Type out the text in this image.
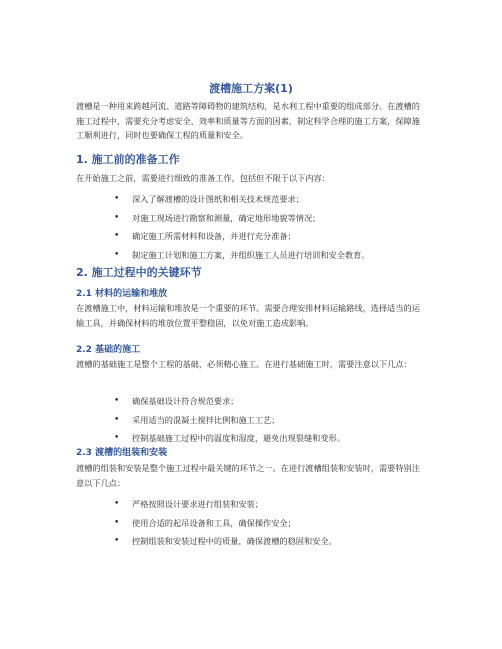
渡槽施工方案(1)

渡槽是一种用来跨越河流、道路等障碍物的建筑结构，是水利工程中重要的组成部分。在渡槽的施工过程中，需要充分考虑安全、效率和质量等方面的因素，制定科学合理的施工方案，保障施工顺利进行，同时也要确保工程的质量和安全。

1. 施工前的准备工作

在开始施工之前，需要进行细致的准备工作，包括但不限于以下内容：

• 深入了解渡槽的设计图纸和相关技术规范要求；
• 对施工现场进行勘察和测量，确定地形地貌等情况；
• 确定施工所需材料和设备，并进行充分准备；
• 制定施工计划和施工方案，并组织施工人员进行培训和安全教育。
2. 施工过程中的关键环节
2.1 材料的运输和堆放

在渡槽施工中，材料运输和堆放是一个重要的环节。需要合理安排材料运输路线，选择适当的运输工具，并确保材料的堆放位置平整稳固，以免对施工造成影响。

2.2 基础的施工

渡槽的基础施工是整个工程的基础，必须精心施工。在进行基础施工时，需要注意以下几点：

• 确保基础设计符合规范要求；
• 采用适当的混凝土搅拌比例和施工工艺；
• 控制基础施工过程中的温度和湿度，避免出现裂缝和变形。
2.3 渡槽的组装和安装

渡槽的组装和安装是整个施工过程中最关键的环节之一。在进行渡槽组装和安装时，需要特别注意以下几点：

• 严格按照设计要求进行组装和安装；
• 使用合适的起吊设备和工具，确保操作安全；
• 控制组装和安装过程中的质量，确保渡槽的稳固和安全。
